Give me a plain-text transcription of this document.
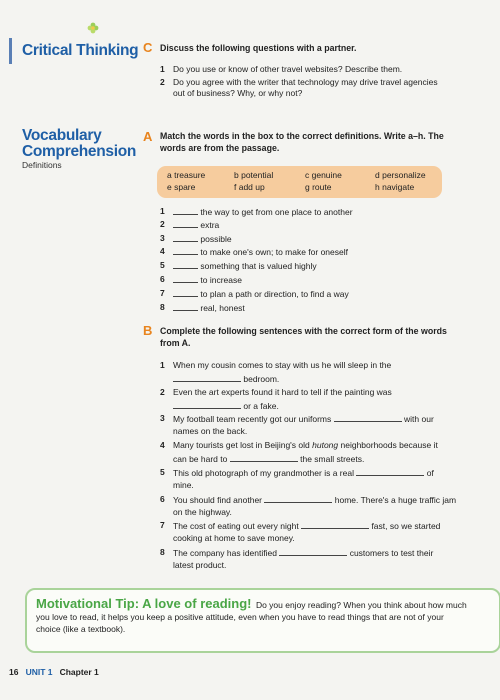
Critical Thinking C Discuss the following questions with a partner.
1 Do you use or know of other travel websites? Describe them.
2 Do you agree with the writer that technology may drive travel agencies
out of business? Why, or why not?
Vocabulary
Comprehension
Definitions
A Match the words in the box to the correct definitions. Write a–h. The
words are from the passage.
a treasure	b potential	c genuine	d personalize
e spare	f add up	g route	h navigate
1	the way to get from one place to another
2	extra
3	possible
4	to make one's own; to make for oneself
5	something that is valued highly
6	to increase
7	to plan a path or direction, to find a way
8	real, honest
B Complete the following sentences with the correct form of the words
from A.
1 When my cousin comes to stay with us he will sleep in the
bedroom.
2 Even the art experts found it hard to tell if the painting was
or a fake.
3 My football team recently got our uniforms	with our
names on the back.
4 Many tourists get lost in Beijing's old hutong neighborhoods because it
can be hard to	the small streets.
5 This old photograph of my grandmother is a real	of
mine.
6 You should find another	home. There's a huge traffic jam
on the highway.
7 The cost of eating out every night	fast, so we started
cooking at home to save money.
8 The company has identified	customers to test their
latest product.
Motivational Tip: A love of reading! Do you enjoy reading? When you think about how much
you love to read, it helps you keep a positive attitude, even when you have to read things that are not of your
choice (like a textbook).
16 UNIT 1 Chapter 1
